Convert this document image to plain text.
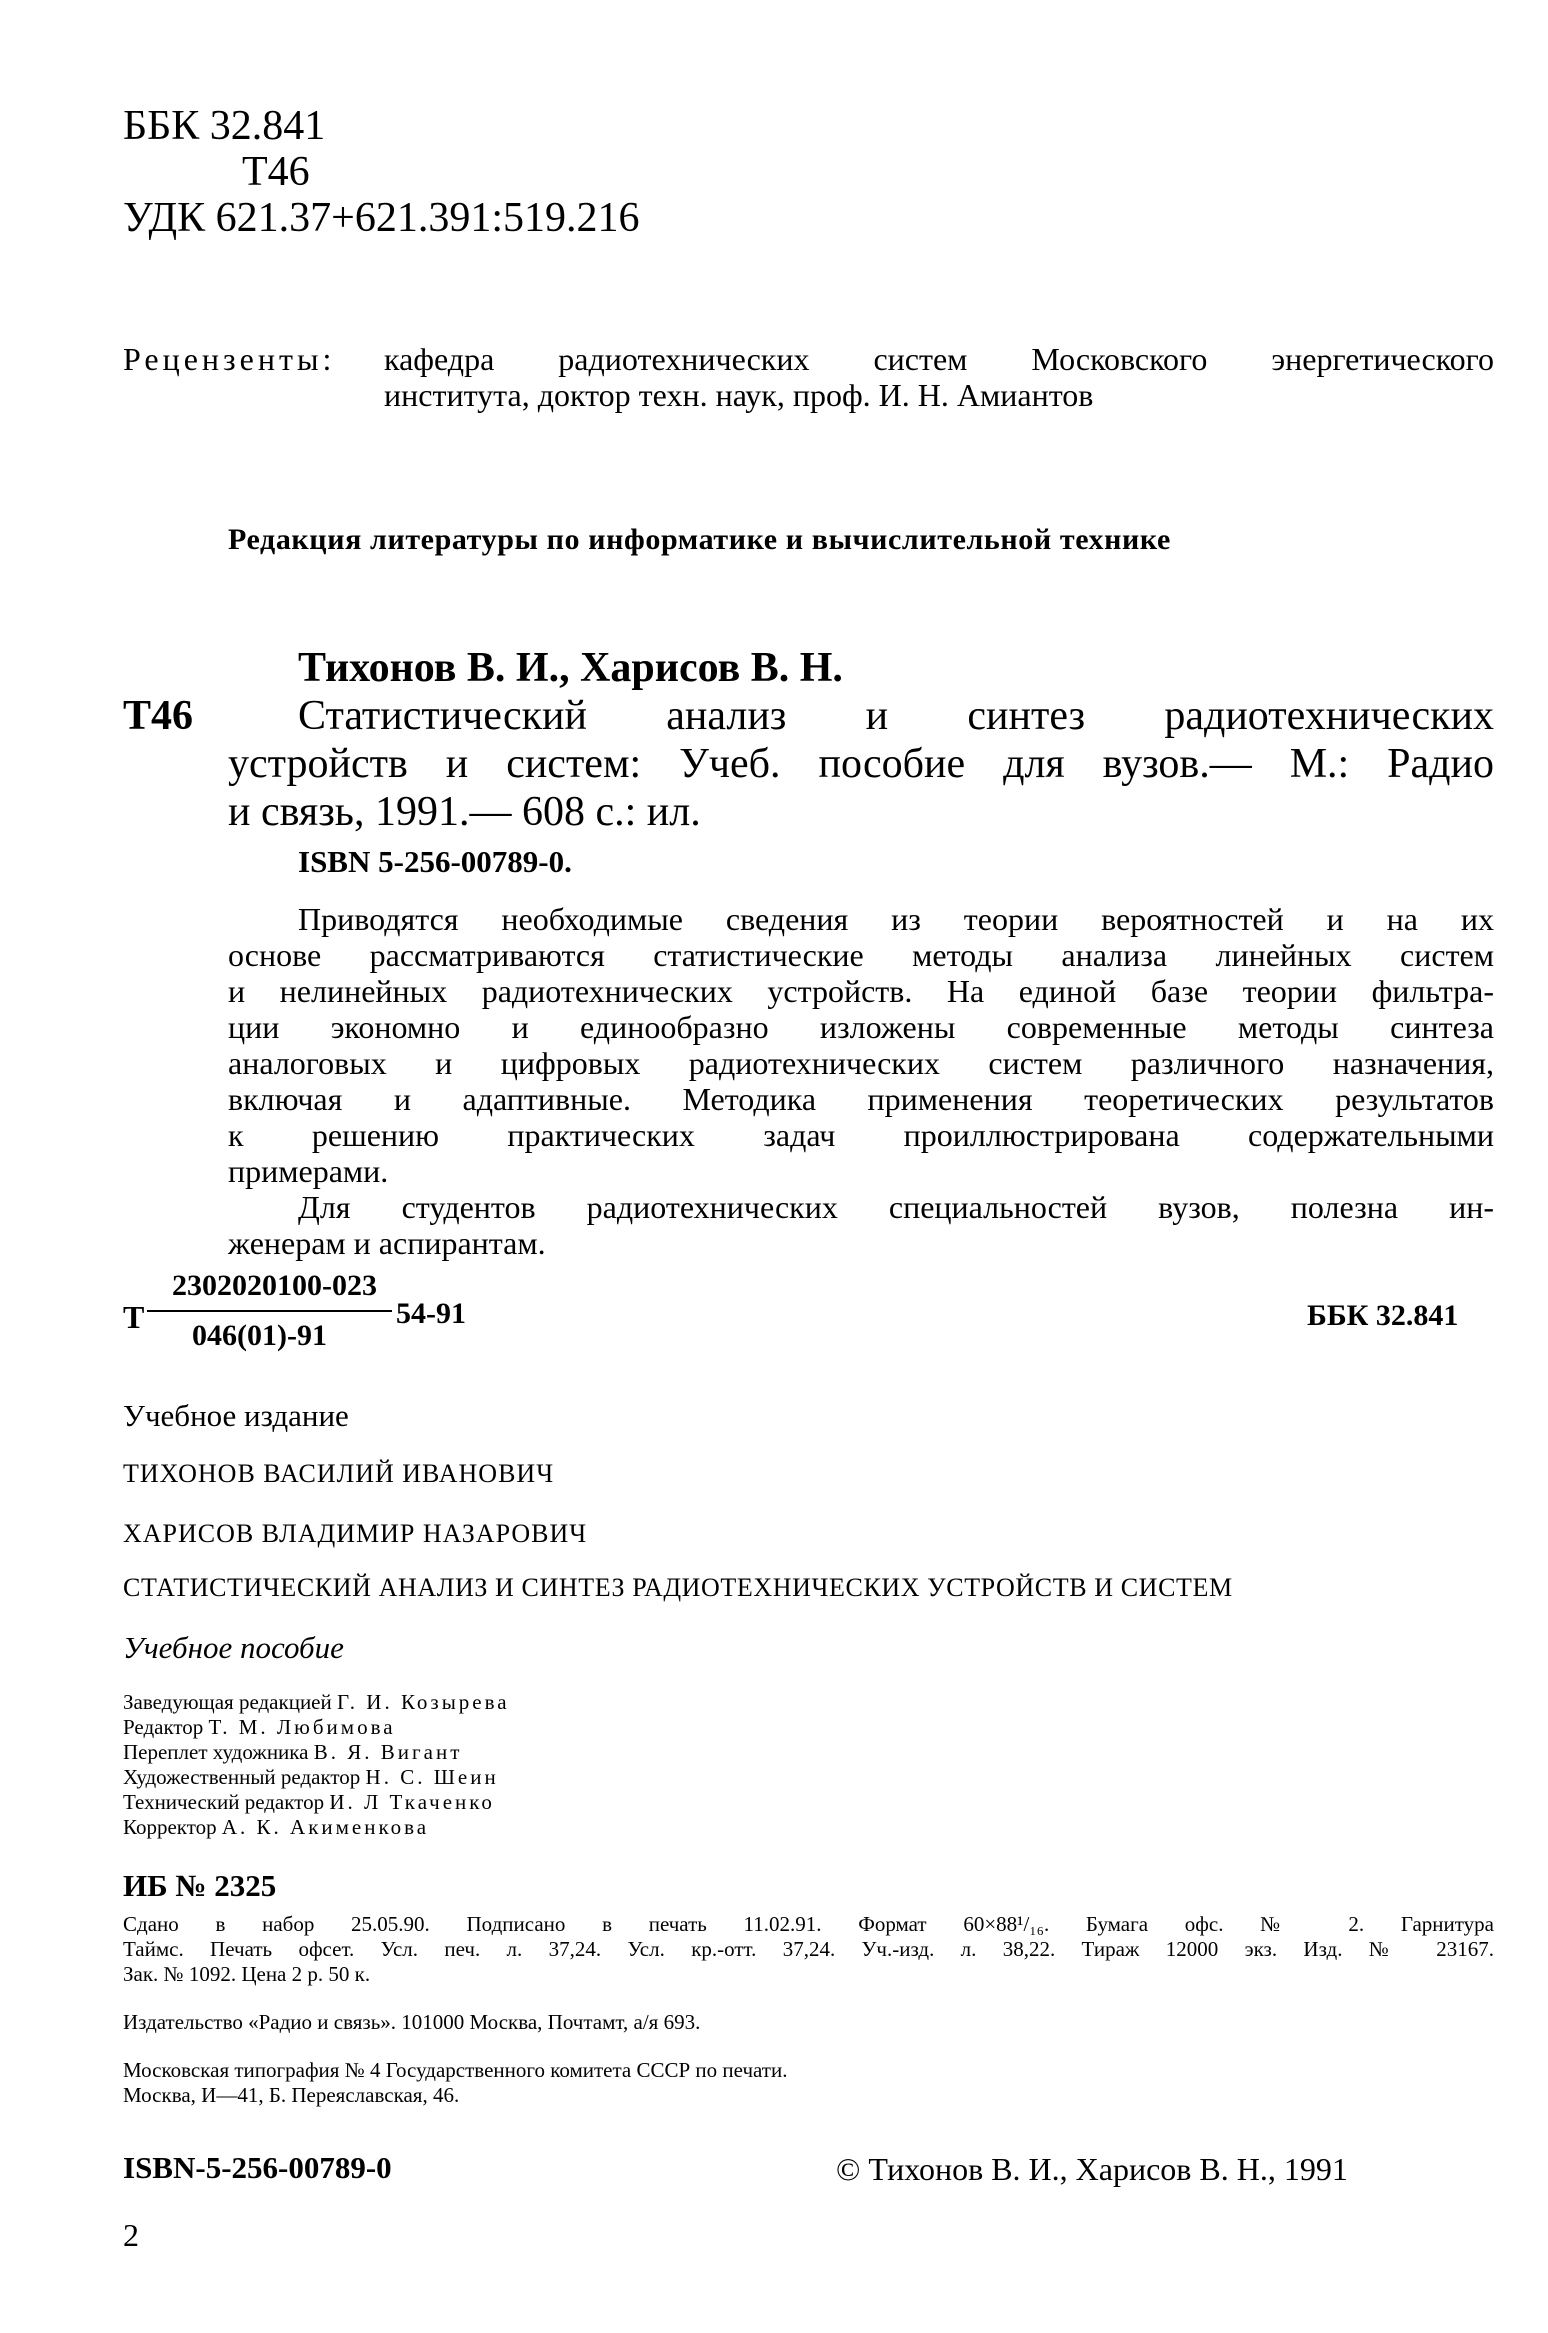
ББК 32.841
Т46
УДК 621.37+621.391:519.216
Рецензенты: кафедра радиотехнических систем Московского энергетического
института, доктор техн. наук, проф. И. Н. Амиантов
Редакция литературы по информатике и вычислительной технике
Тихонов В. И., Харисов В. Н.
Т46 Статистический анализ и синтез радиотехнических
устройств и систем: Учеб. пособие для вузов.— М.: Радио
и связь, 1991.— 608 с.: ил.
ISBN 5-256-00789-0.
Приводятся необходимые сведения из теории вероятностей и на их
основе рассматриваются статистические методы анализа линейных систем
и нелинейных радиотехнических устройств. На единой базе теории фильтра-
ции экономно и единообразно изложены современные методы синтеза
аналоговых и цифровых радиотехнических систем различного назначения,
включая и адаптивные. Методика применения теоретических результатов
к решению практических задач проиллюстрирована содержательными
примерами.
Для студентов радиотехнических специальностей вузов, полезна ин-
женерам и аспирантам.
Т
2302020100-023
046(01)-91
54-91	ББК 32.841
Учебное издание
ТИХОНОВ ВАСИЛИЙ ИВАНОВИЧ
ХАРИСОВ ВЛАДИМИР НАЗАРОВИЧ
СТАТИСТИЧЕСКИЙ АНАЛИЗ И СИНТЕЗ РАДИОТЕХНИЧЕСКИХ УСТРОЙСТВ И СИСТЕМ
Учебное пособие
Заведующая редакцией Г. И. Козырева
Редактор Т. М. Любимова
Переплет художника В. Я. Вигант
Художественный редактор Н. С. Шеин
Технический редактор И. Л Ткаченко
Корректор А. К. Акименкова
ИБ № 2325
Сдано в набор 25.05.90. Подписано в печать 11.02.91. Формат 60×88¹/₁₆. Бумага офс. № 2. Гарнитура
Таймс. Печать офсет. Усл. печ. л. 37,24. Усл. кр.-отт. 37,24. Уч.-изд. л. 38,22. Тираж 12000 экз. Изд. № 23167.
Зак. № 1092. Цена 2 р. 50 к.
Издательство «Радио и связь». 101000 Москва, Почтамт, а/я 693.
Московская типография № 4 Государственного комитета СССР по печати.
Москва, И—41, Б. Переяславская, 46.
ISBN-5-256-00789-0	© Тихонов В. И., Харисов В. Н., 1991
2
